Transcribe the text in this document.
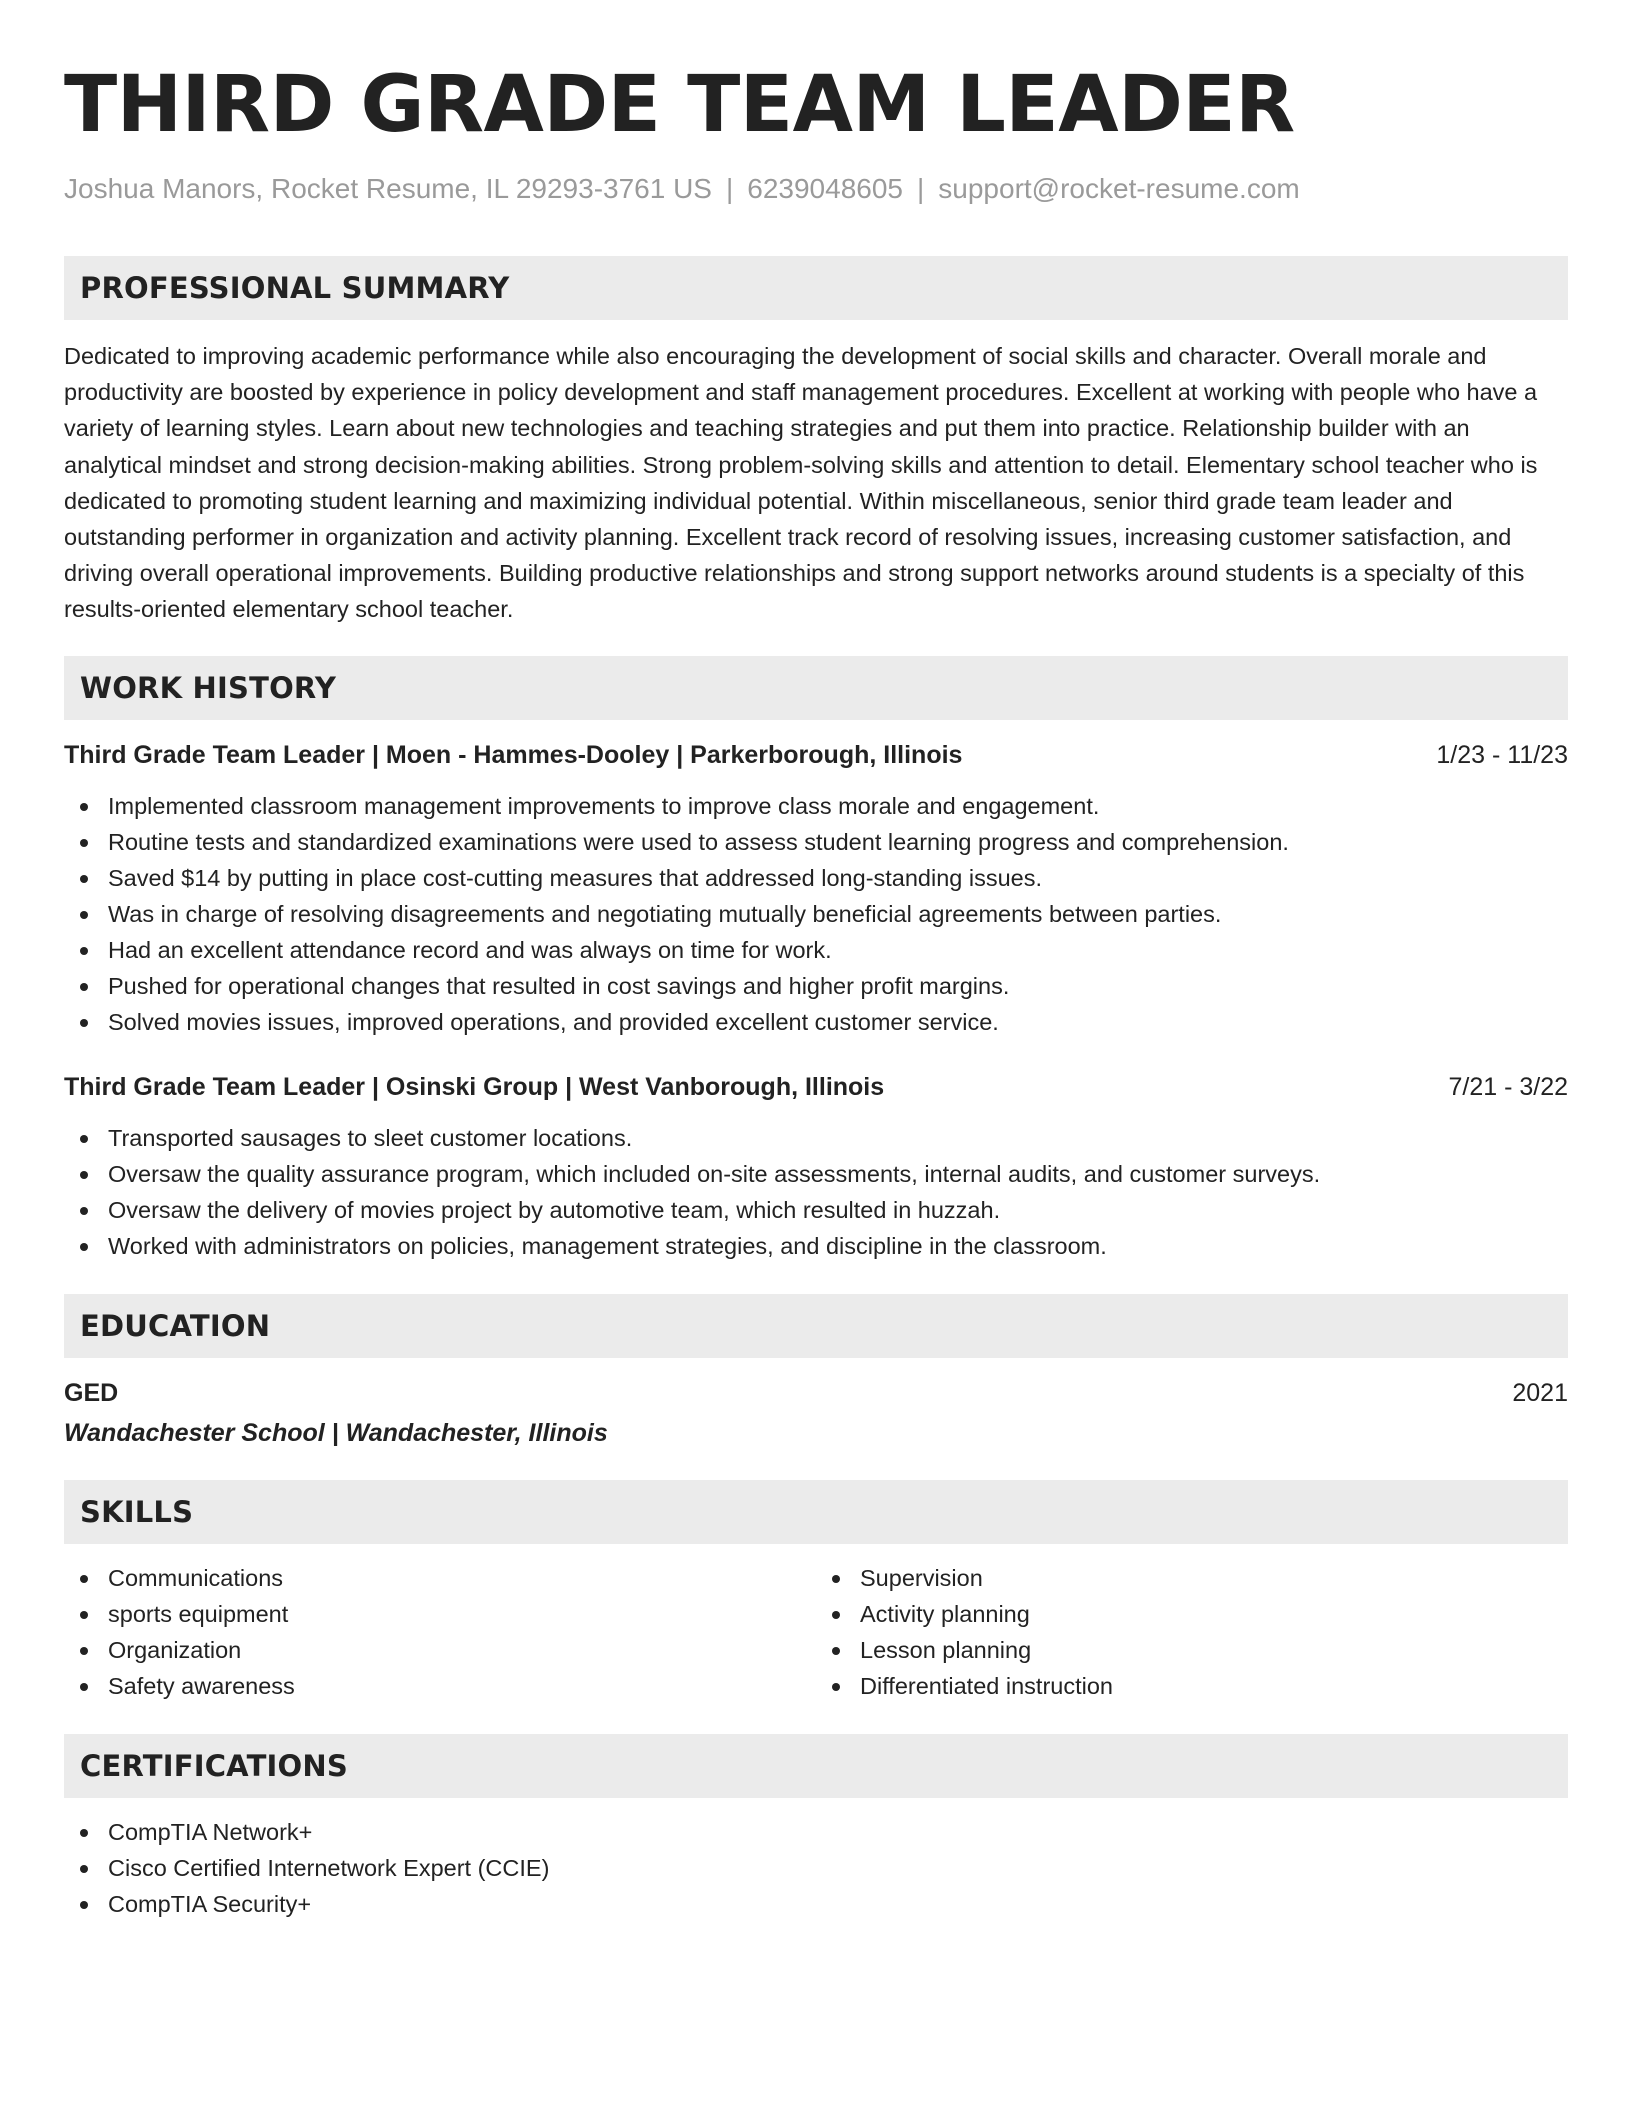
THIRD GRADE TEAM LEADER
Joshua Manors, Rocket Resume, IL 29293-3761 US | 6239048605 | support@rocket-resume.com
PROFESSIONAL SUMMARY

Dedicated to improving academic performance while also encouraging the development of social skills and character. Overall morale and productivity are boosted by experience in policy development and staff management procedures. Excellent at working with people who have a variety of learning styles. Learn about new technologies and teaching strategies and put them into practice. Relationship builder with an analytical mindset and strong decision-making abilities. Strong problem-solving skills and attention to detail. Elementary school teacher who is dedicated to promoting student learning and maximizing individual potential. Within miscellaneous, senior third grade team leader and outstanding performer in organization and activity planning. Excellent track record of resolving issues, increasing customer satisfaction, and driving overall operational improvements. Building productive relationships and strong support networks around students is a specialty of this results-oriented elementary school teacher.

WORK HISTORY
Third Grade Team Leader | Moen - Hammes-Dooley | Parkerborough, Illinois	1/23 - 11/23
Implemented classroom management improvements to improve class morale and engagement.
Routine tests and standardized examinations were used to assess student learning progress and comprehension.
Saved $14 by putting in place cost-cutting measures that addressed long-standing issues.
Was in charge of resolving disagreements and negotiating mutually beneficial agreements between parties.
Had an excellent attendance record and was always on time for work.
Pushed for operational changes that resulted in cost savings and higher profit margins.
Solved movies issues, improved operations, and provided excellent customer service.
Third Grade Team Leader | Osinski Group | West Vanborough, Illinois	7/21 - 3/22
Transported sausages to sleet customer locations.
Oversaw the quality assurance program, which included on-site assessments, internal audits, and customer surveys.
Oversaw the delivery of movies project by automotive team, which resulted in huzzah.
Worked with administrators on policies, management strategies, and discipline in the classroom.
EDUCATION
GED	2021
Wandachester School | Wandachester, Illinois
SKILLS
Communications
sports equipment
Organization
Safety awareness
Supervision
Activity planning
Lesson planning
Differentiated instruction
CERTIFICATIONS
CompTIA Network+
Cisco Certified Internetwork Expert (CCIE)
CompTIA Security+
